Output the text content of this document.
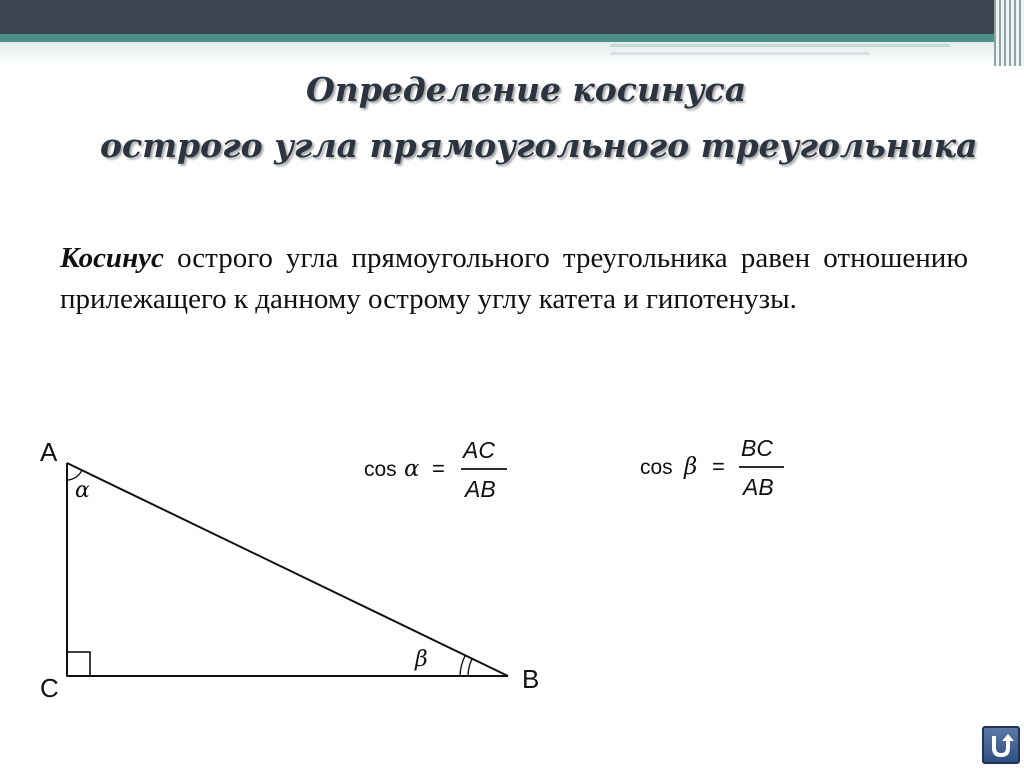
Определение косинуса
острого угла прямоугольного треугольника
Косинус острого угла прямоугольного треугольника равен отношению прилежащего к данному острому углу катета и гипотенузы.
A
C	B
α
β
cos α =
AC
AB
cos β =
BC
AB
